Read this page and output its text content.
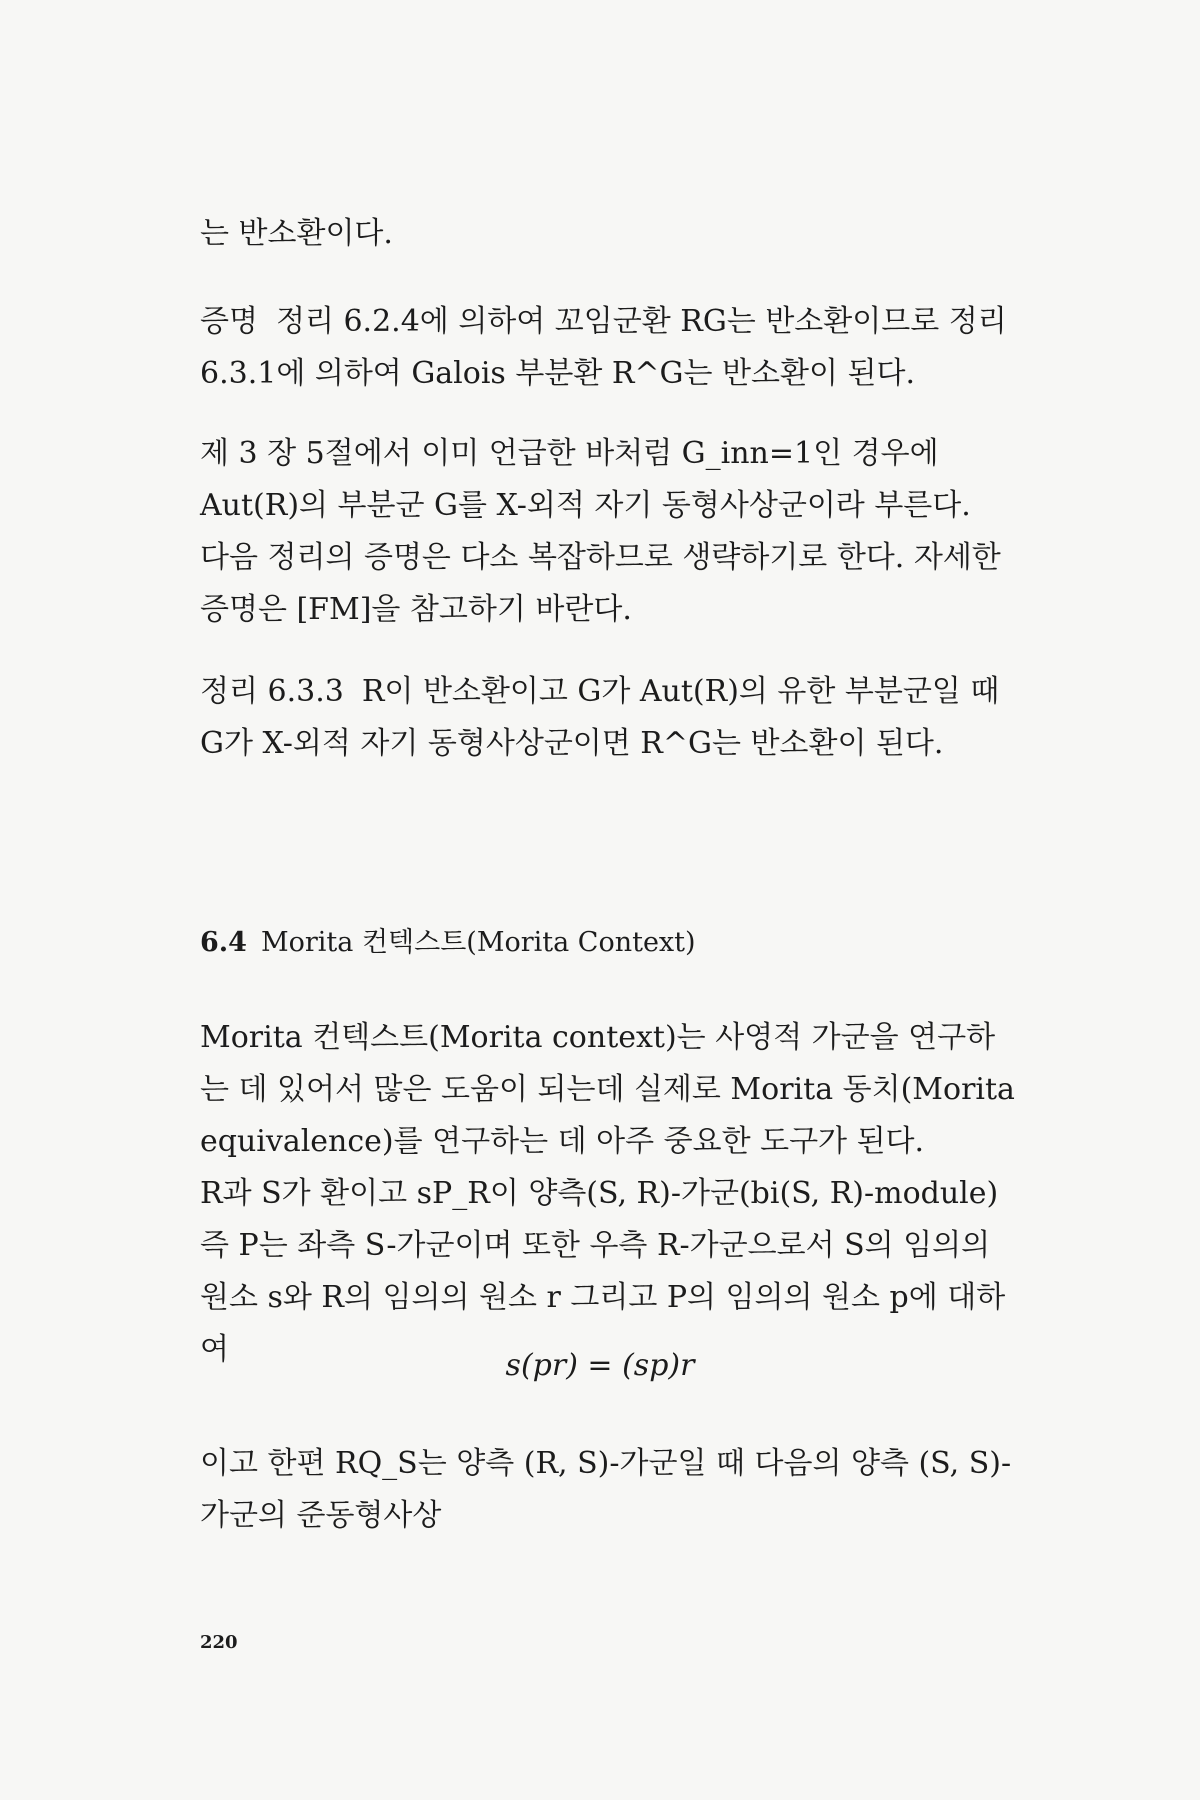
는 반소환이다.

증명 정리 6.2.4에 의하여 꼬임군환 RG는 반소환이므로 정리 6.3.1에 의하여 Galois 부분환 R^G는 반소환이 된다.

제 3 장 5절에서 이미 언급한 바처럼 G_inn=1인 경우에 Aut(R)의 부분군 G를 X-외적 자기 동형사상군이라 부른다.

다음 정리의 증명은 다소 복잡하므로 생략하기로 한다. 자세한 증명은 [FM]을 참고하기 바란다.

정리 6.3.3 R이 반소환이고 G가 Aut(R)의 유한 부분군일 때 G가 X-외적 자기 동형사상군이면 R^G는 반소환이 된다.

6.4 Morita 컨텍스트(Morita Context)

Morita 컨텍스트(Morita context)는 사영적 가군을 연구하는 데 있어서 많은 도움이 되는데 실제로 Morita 동치(Morita equivalence)를 연구하는 데 아주 중요한 도구가 된다.

R과 S가 환이고 sP_R이 양측(S, R)-가군(bi(S, R)-module) 즉 P는 좌측 S-가군이며 또한 우측 R-가군으로서 S의 임의의 원소 s와 R의 임의의 원소 r 그리고 P의 임의의 원소 p에 대하여	s(pr) = (sp)r

이고 한편 RQ_S는 양측 (R, S)-가군일 때 다음의 양측 (S, S)-가군의 준동형사상

220
